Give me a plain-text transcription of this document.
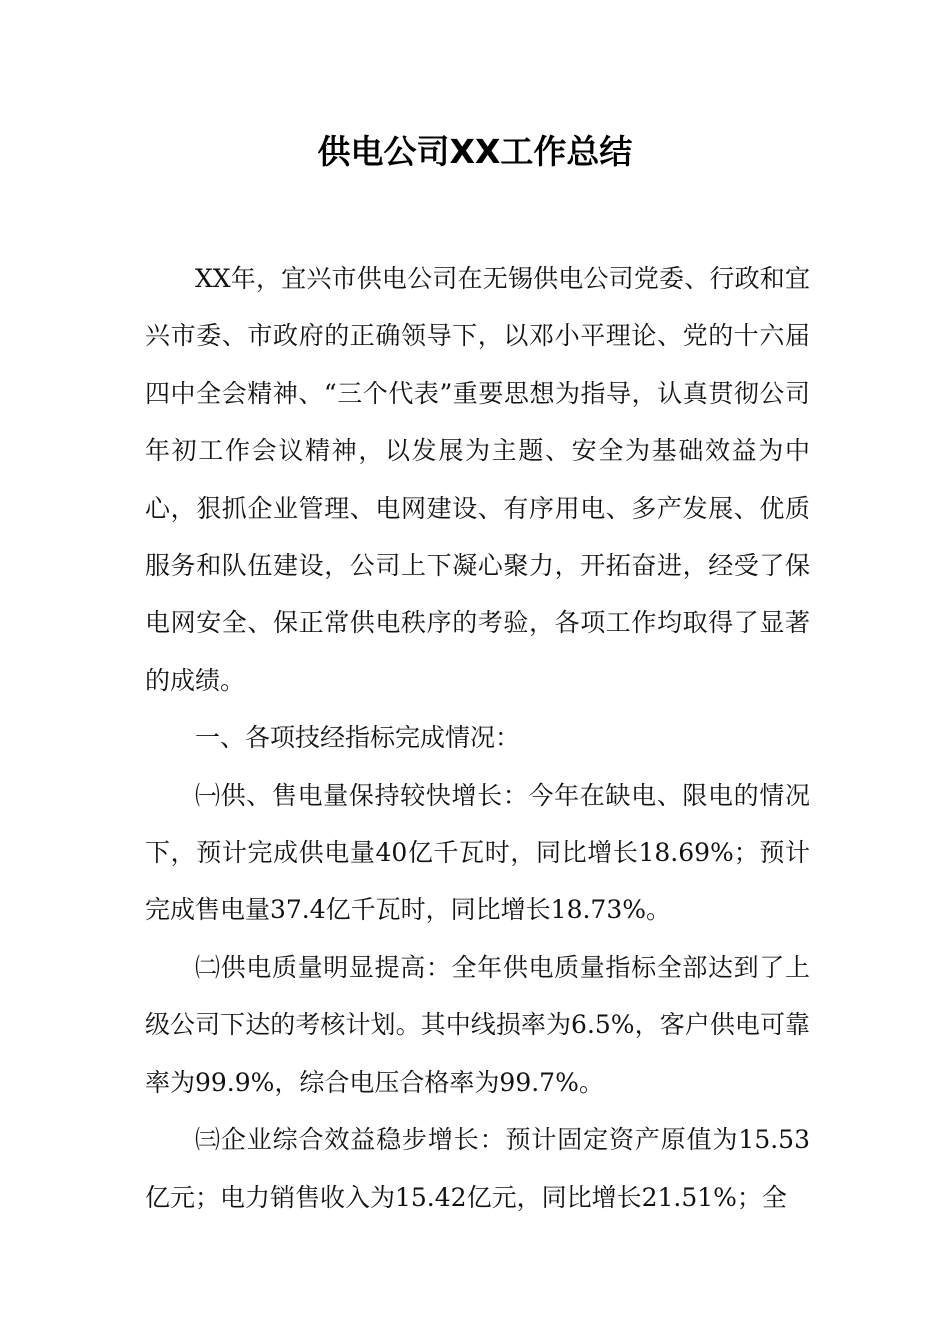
供电公司XX工作总结

XX年，宜兴市供电公司在无锡供电公司党委、行政和宜兴市委、市政府的正确领导下，以邓小平理论、党的十六届四中全会精神、“三个代表”重要思想为指导，认真贯彻公司年初工作会议精神，以发展为主题、安全为基础效益为中心，狠抓企业管理、电网建设、有序用电、多产发展、优质服务和队伍建设，公司上下凝心聚力，开拓奋进，经受了保电网安全、保正常供电秩序的考验，各项工作均取得了显著的成绩。

一、各项技经指标完成情况：

㈠供、售电量保持较快增长：今年在缺电、限电的情况下，预计完成供电量40亿千瓦时，同比增长18.69%；预计完成售电量37.4亿千瓦时，同比增长18.73%。

㈡供电质量明显提高：全年供电质量指标全部达到了上级公司下达的考核计划。其中线损率为6.5%，客户供电可靠率为99.9%，综合电压合格率为99.7%。

㈢企业综合效益稳步增长：预计固定资产原值为15.53亿元；电力销售收入为15.42亿元，同比增长21.51%；全
